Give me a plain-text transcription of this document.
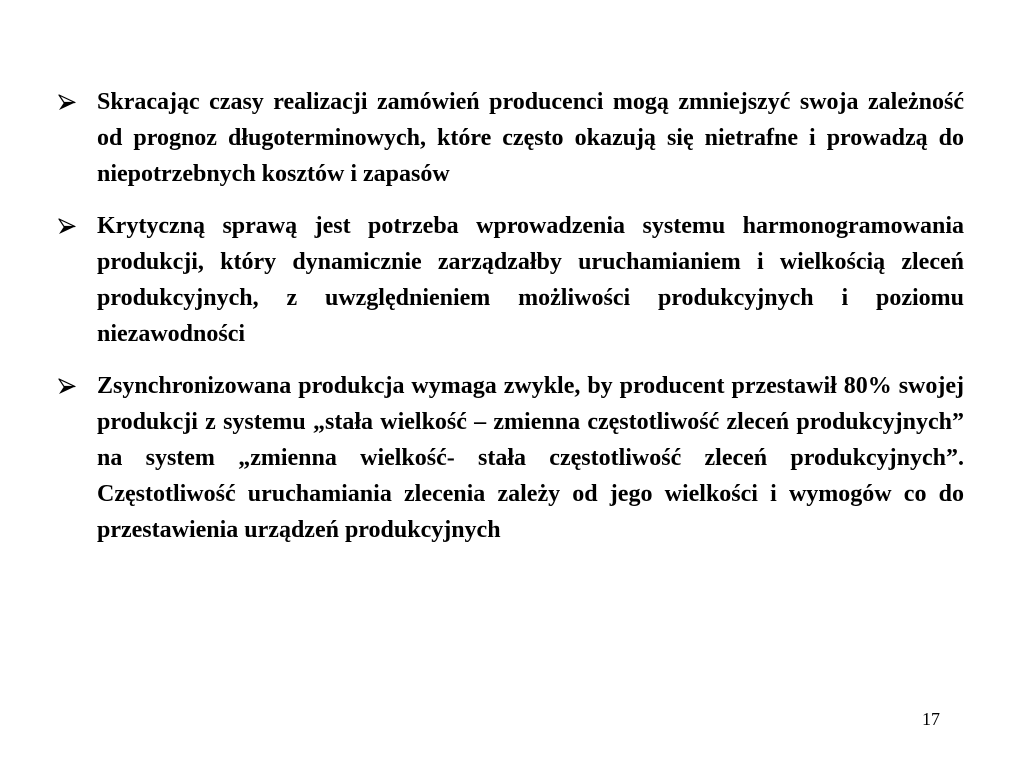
Skracając czasy realizacji zamówień producenci mogą zmniejszyć swoja zależność od prognoz długoterminowych, które często okazują się nietrafne i prowadzą do niepotrzebnych kosztów i zapasów
Krytyczną sprawą jest potrzeba wprowadzenia systemu harmonogramowania produkcji, który dynamicznie zarządzałby uruchamianiem i wielkością zleceń produkcyjnych, z uwzględnieniem możliwości produkcyjnych i poziomu niezawodności
Zsynchronizowana produkcja wymaga zwykle, by producent przestawił 80% swojej produkcji z systemu „stała wielkość – zmienna częstotliwość zleceń produkcyjnych” na system „zmienna wielkość- stała częstotliwość zleceń produkcyjnych”. Częstotliwość uruchamiania zlecenia zależy od jego wielkości i wymogów co do przestawienia urządzeń produkcyjnych
17
